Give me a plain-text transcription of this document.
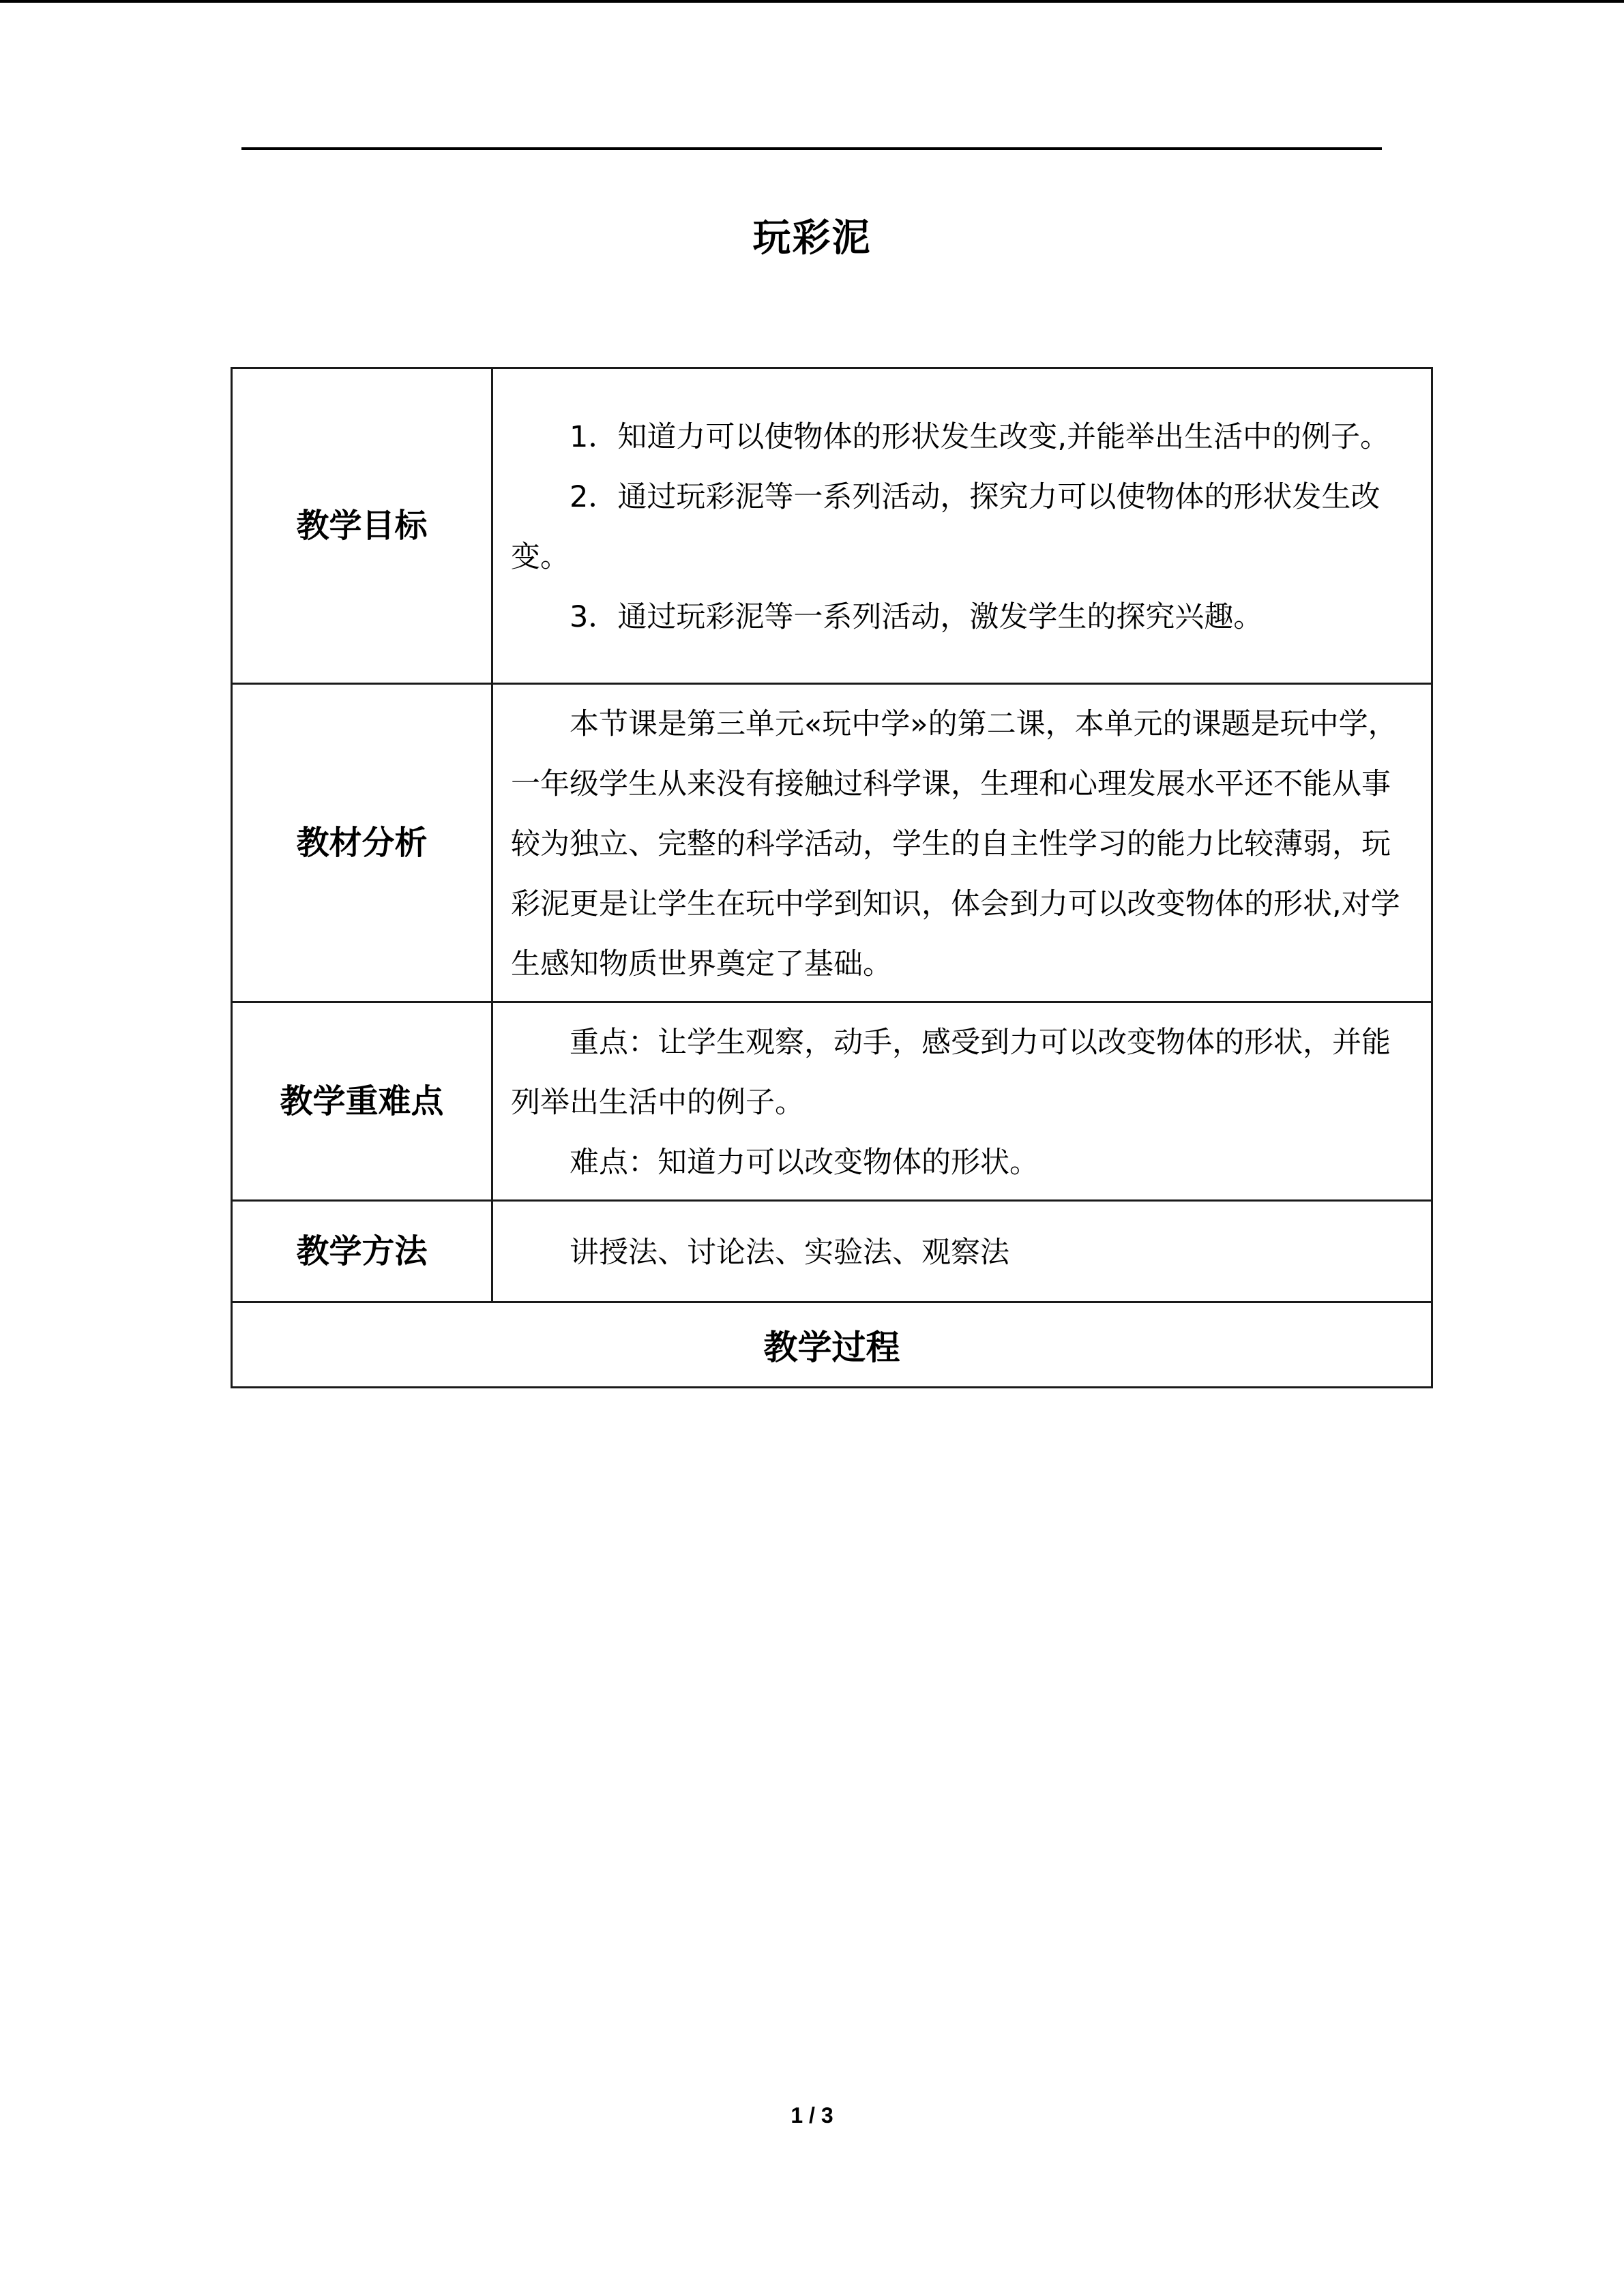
玩彩泥
教学目标	1．知道力可以使物体的形状发生改变,并能举出生活中的例子。

2．通过玩彩泥等一系列活动，探究力可以使物体的形状发生改变。

3．通过玩彩泥等一系列活动，激发学生的探究兴趣。

教材分析	本节课是第三单元«玩中学»的第二课，本单元的课题是玩中学，一年级学生从来没有接触过科学课，生理和心理发展水平还不能从事较为独立、完整的科学活动，学生的自主性学习的能力比较薄弱，玩彩泥更是让学生在玩中学到知识，体会到力可以改变物体的形状,对学生感知物质世界奠定了基础。

教学重难点	重点：让学生观察，动手，感受到力可以改变物体的形状，并能列举出生活中的例子。

难点：知道力可以改变物体的形状。

教学方法	讲授法、讨论法、实验法、观察法

教学过程	
1 / 3
